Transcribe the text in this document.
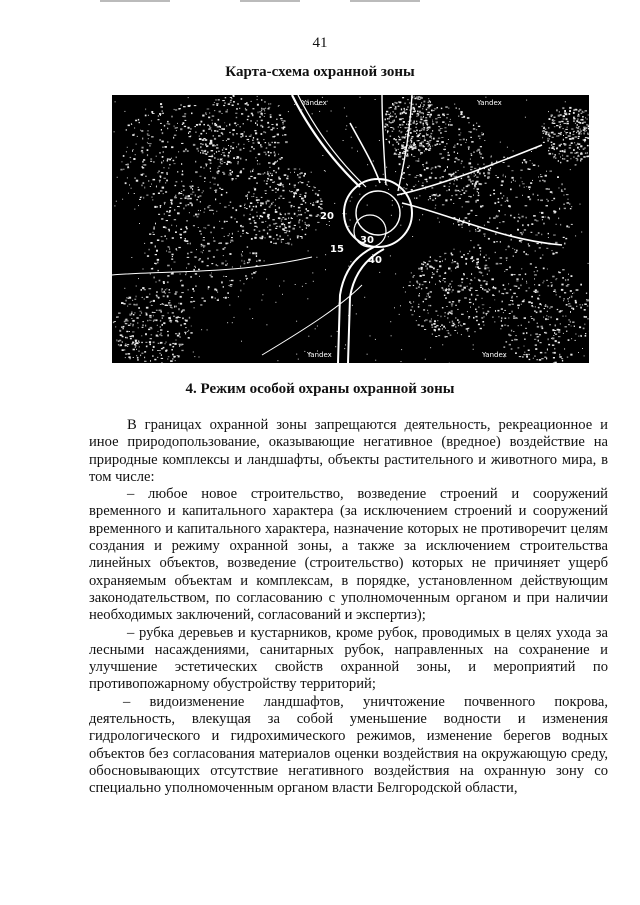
41
Карта-схема охранной зоны
20
15
30
40
Yandex	Yandex
Yandex	Yandex
4. Режим особой охраны охранной зоны

В границах охранной зоны запрещаются деятельность, рекреационное и иное природопользование, оказывающие негативное (вредное) воздействие на природные комплексы и ландшафты, объекты растительного и животного мира, в том числе:

– любое новое строительство, возведение строений и сооружений временного и капитального характера (за исключением строений и сооружений временного и капитального характера, назначение которых не противоречит целям создания и режиму охранной зоны, а также за исключением строительства линейных объектов, возведение (строительство) которых не причиняет ущерб охраняемым объектам и комплексам, в порядке, установленном действующим законодательством, по согласованию с уполномоченным органом и при наличии необходимых заключений, согласований и экспертиз);

– рубка деревьев и кустарников, кроме рубок, проводимых в целях ухода за лесными насаждениями, санитарных рубок, направленных на сохранение и улучшение эстетических свойств охранной зоны, и мероприятий по противопожарному обустройству территорий;

– видоизменение ландшафтов, уничтожение почвенного покрова, деятельность, влекущая за собой уменьшение водности и изменения гидрологического и гидрохимического режимов, изменение берегов водных объектов без согласования материалов оценки воздействия на окружающую среду, обосновывающих отсутствие негативного воздействия на охранную зону со специально уполномоченным органом власти Белгородской области,
